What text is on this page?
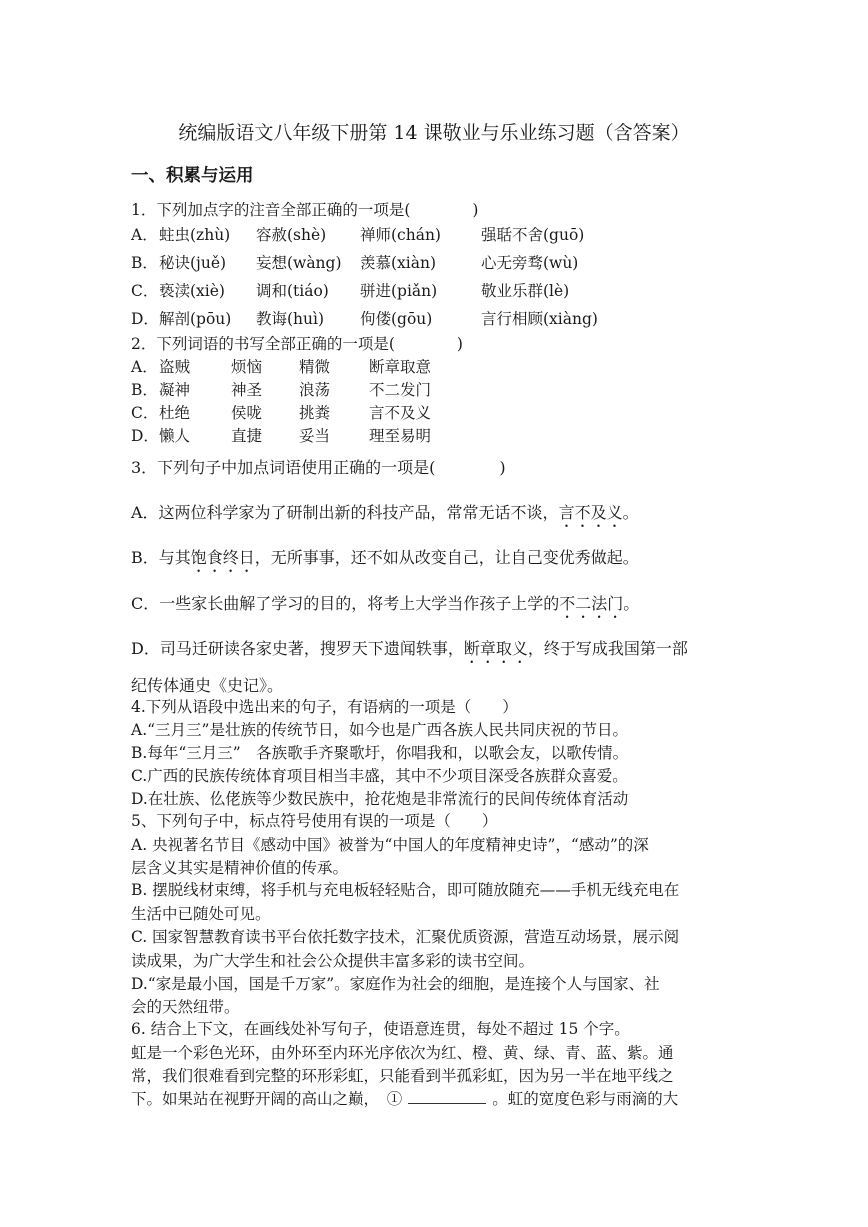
统编版语文八年级下册第 14 课敬业与乐业练习题（含答案）
一、积累与运用
1．下列加点字的注音全部正确的一项是(　　　　)
A． 蛀虫(zhù) 容赦(shè) 禅师(chán)	强聒不舍(guō)
B． 秘诀(juě) 妄想(wàng) 羡慕(xiàn)	心无旁骛(wù)
C． 亵渎(xiè) 调和(tiáo) 骈进(piǎn)	敬业乐群(lè)
D． 解剖(pōu) 教诲(huì) 佝偻(gōu)	言行相顾(xiàng)
2．下列词语的书写全部正确的一项是(　　　　)
A． 盗贼	烦恼 精微	断章取意
B． 凝神	神圣 浪荡	不二发门
C． 杜绝	侯咙 挑粪	言不及义
D． 懒人	直捷 妥当	理至易明
3．下列句子中加点词语使用正确的一项是(　　　　)
A．这两位科学家为了研制出新的科技产品，常常无话不谈，言不及义。
B．与其饱食终日，无所事事，还不如从改变自己，让自己变优秀做起。
C．一些家长曲解了学习的目的，将考上大学当作孩子上学的不二法门。
D．司马迁研读各家史著，搜罗天下遗闻轶事，断章取义，终于写成我国第一部
纪传体通史《史记》。
4.下列从语段中选出来的句子，有语病的一项是（　　）
A.“三月三”是壮族的传统节日，如今也是广西各族人民共同庆祝的节日。
B.每年“三月三”　各族歌手齐聚歌圩，你唱我和，以歌会友，以歌传情。
C.广西的民族传统体育项目相当丰盛，其中不少项目深受各族群众喜爱。
D.在壮族、仫佬族等少数民族中，抢花炮是非常流行的民间传统体育活动
5、下列句子中，标点符号使用有误的一项是（　　）
A. 央视著名节目《感动中国》被誉为“中国人的年度精神史诗”，“感动”的深
层含义其实是精神价值的传承。
B. 摆脱线材束缚，将手机与充电板轻轻贴合，即可随放随充——手机无线充电在
生活中已随处可见。
C. 国家智慧教育读书平台依托数字技术，汇聚优质资源，营造互动场景，展示阅
读成果，为广大学生和社会公众提供丰富多彩的读书空间。
D.“家是最小国，国是千万家”。家庭作为社会的细胞，是连接个人与国家、社
会的天然纽带。
6. 结合上下文，在画线处补写句子，使语意连贯，每处不超过 15 个字。
虹是一个彩色光环，由外环至内环光序依次为红、橙、黄、绿、青、蓝、紫。通
常，我们很难看到完整的环形彩虹，只能看到半孤彩虹，因为另一半在地平线之
下。如果站在视野开阔的高山之巅，　①	。虹的宽度色彩与雨滴的大
